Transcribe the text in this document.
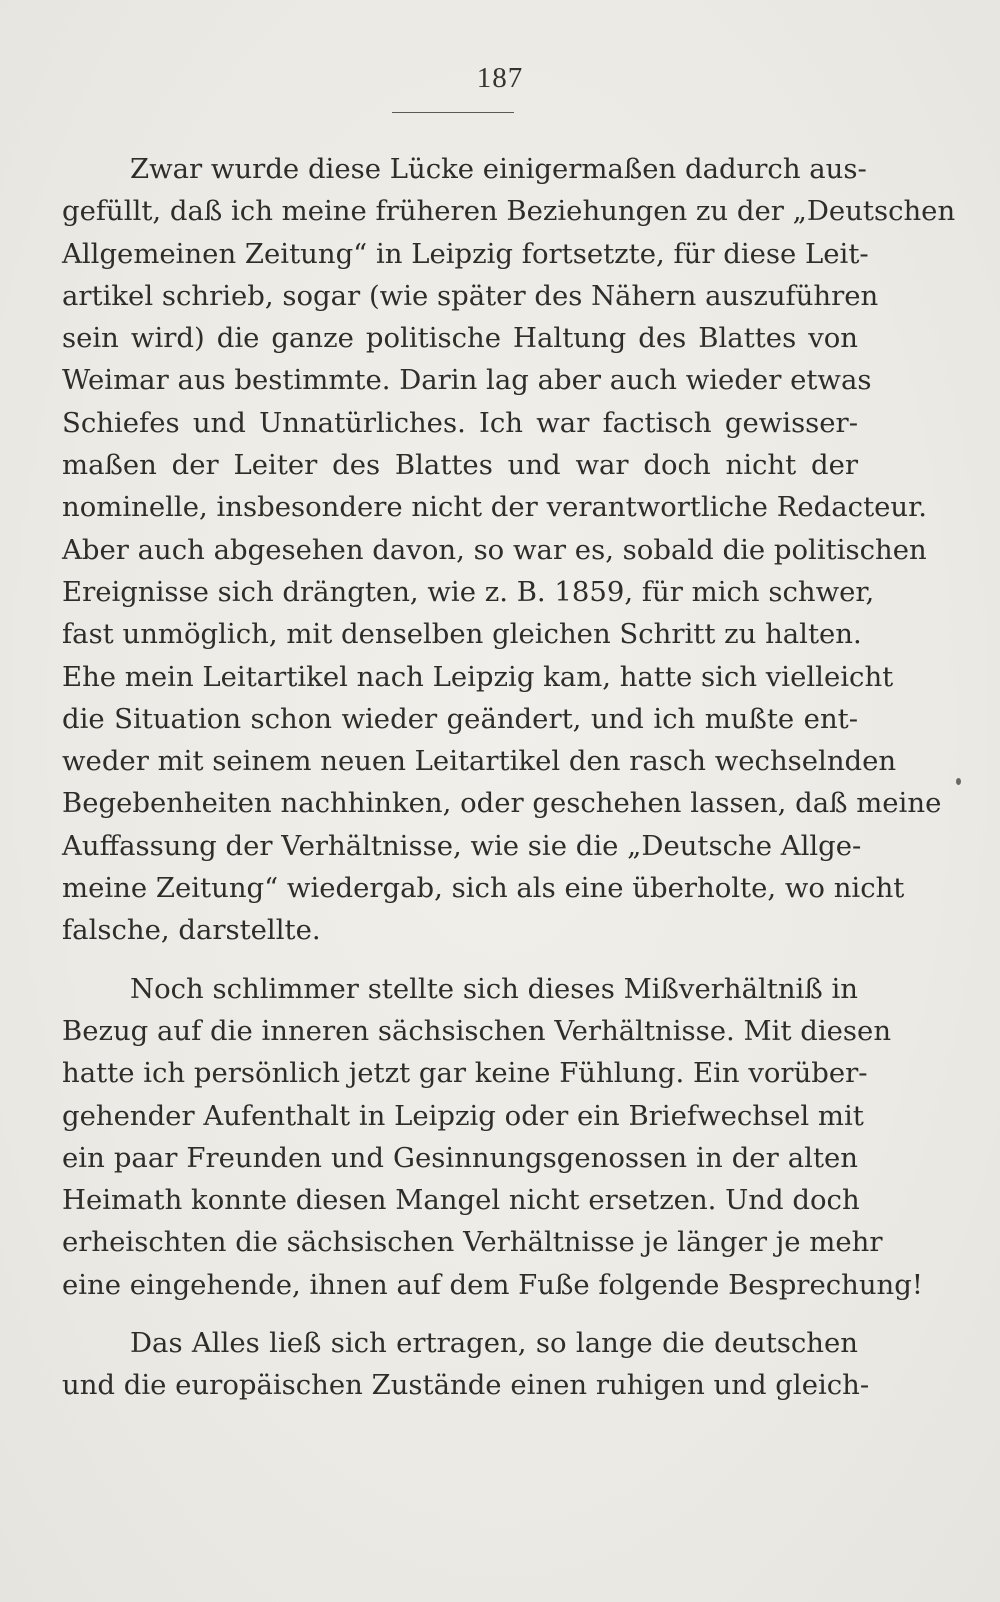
187
Zwar wurde diese Lücke einigermaßen dadurch aus-
gefüllt, daß ich meine früheren Beziehungen zu der „Deutschen
Allgemeinen Zeitung“ in Leipzig fortsetzte, für diese Leit-
artikel schrieb, sogar (wie später des Nähern auszuführen
sein wird) die ganze politische Haltung des Blattes von
Weimar aus bestimmte. Darin lag aber auch wieder etwas
Schiefes und Unnatürliches. Ich war factisch gewisser-
maßen der Leiter des Blattes und war doch nicht der
nominelle, insbesondere nicht der verantwortliche Redacteur.
Aber auch abgesehen davon, so war es, sobald die politischen
Ereignisse sich drängten, wie z. B. 1859, für mich schwer,
fast unmöglich, mit denselben gleichen Schritt zu halten.
Ehe mein Leitartikel nach Leipzig kam, hatte sich vielleicht
die Situation schon wieder geändert, und ich mußte ent-
weder mit seinem neuen Leitartikel den rasch wechselnden
Begebenheiten nachhinken, oder geschehen lassen, daß meine
Auffassung der Verhältnisse, wie sie die „Deutsche Allge-
meine Zeitung“ wiedergab, sich als eine überholte, wo nicht
falsche, darstellte.
Noch schlimmer stellte sich dieses Mißverhältniß in
Bezug auf die inneren sächsischen Verhältnisse. Mit diesen
hatte ich persönlich jetzt gar keine Fühlung. Ein vorüber-
gehender Aufenthalt in Leipzig oder ein Briefwechsel mit
ein paar Freunden und Gesinnungsgenossen in der alten
Heimath konnte diesen Mangel nicht ersetzen. Und doch
erheischten die sächsischen Verhältnisse je länger je mehr
eine eingehende, ihnen auf dem Fuße folgende Besprechung!
Das Alles ließ sich ertragen, so lange die deutschen
und die europäischen Zustände einen ruhigen und gleich-
